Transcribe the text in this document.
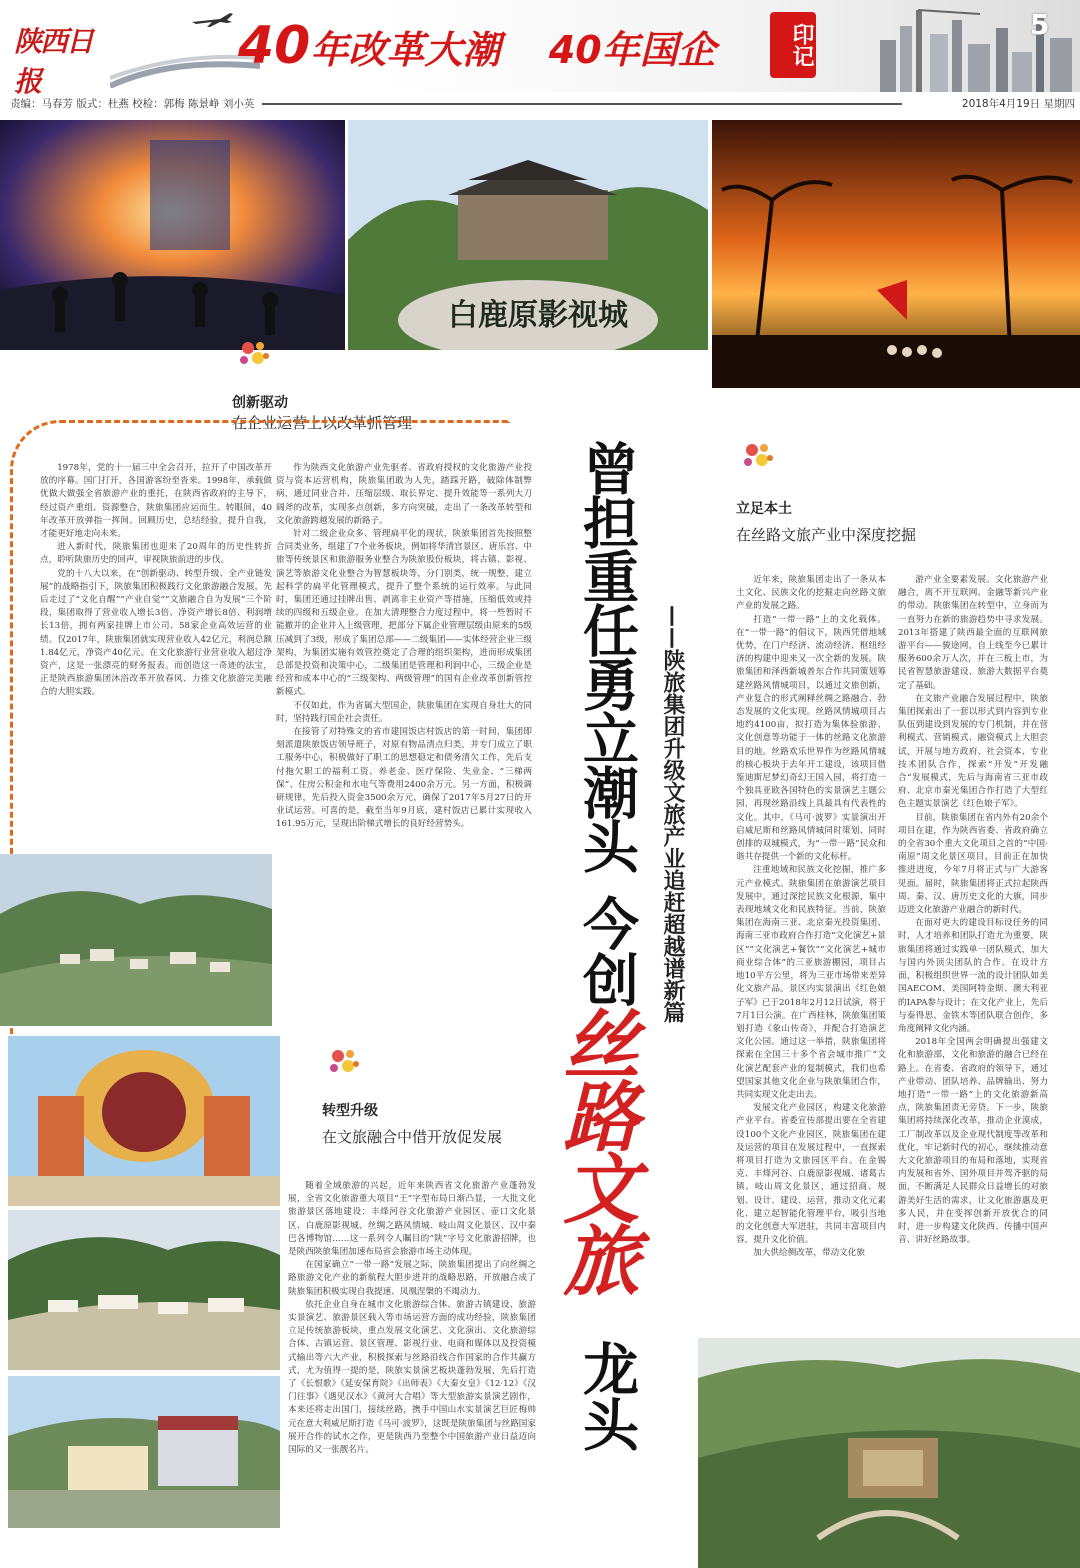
陕西日报
40年改革大潮 40年国企	印记	5
责编：马春芳 版式：杜燕 校检：郭梅 陈景峥 刘小英	2018年4月19日 星期四
白鹿原影视城
创新驱动
在企业运营上以改革抓管理

1978年，党的十一届三中全会召开，拉开了中国改革开放的序幕。国门打开，各国游客纷至沓来。1998年，承载做优做大做强全省旅游产业的重托，在陕西省政府的主导下，经过资产重组、资源整合，陕旅集团应运而生。转眼间，40年改革开放弹指一挥间。回顾历史，总结经验，提升自我，才能更好地走向未来。

进入新时代，陕旅集团也迎来了20周年的历史性转折点，聆听陕旅历史的回声，审视陕旅前进的步伐。

党的十八大以来，在“创新驱动、转型升级、全产业链发展”的战略指引下，陕旅集团积极践行文化旅游融合发展，先后走过了“文化自醒”“产业自觉”“文旅融合自为发展”三个阶段，集团取得了营业收入增长3倍、净资产增长8倍、利润增长13倍，拥有两家挂牌上市公司、58家企业高效运营的业绩。仅2017年，陕旅集团就实现营业收入42亿元，利润总额1.84亿元，净资产40亿元。在文化旅游行业营业收入超过净资产，这是一张漂亮的财务报表。而创造这一奇迹的法宝，正是陕西旅游集团沐浴改革开放春风、力推文化旅游完美融合的大胆实践。

作为陕西文化旅游产业先驱者、省政府授权的文化旅游产业投资与资本运营机构，陕旅集团敢为人先，踏踩开路，破除体制弊病，通过同业合并、压缩层级、取长界定、提升效能等一系列大刀阔斧的改革，实现多点创新，多方向突破，走出了一条改革转型和文化旅游跨越发展的新路子。

针对二级企业众多、管理扁平化的现状，陕旅集团首先按照整合同类业务，组建了7个业务板块，例如将华清宫景区、唐乐宫、中旅等传统景区和旅游服务业整合为陕旅股份板块，将古镇、影视、演艺等旅游文化业整合为智慧板块等，分门别类，统一规整，建立起科学的扁平化管理模式，提升了整个系统的运行效率。与此同时，集团还通过挂牌出售、剥离非主业资产等措施，压缩低效或持续的四级和五级企业，在加大清理整合力度过程中，将一些暂时不能撤并的企业并入上级管理，把部分下属企业管理层级由原来的5级压减到了3级，形成了集团总部——二级集团——实体经营企业三级架构，为集团实施有效管控奠定了合理的组织架构，进而形成集团总部是投资和决策中心，二级集团是管理和利润中心，三级企业是经营和成本中心的“三级架构、两级管理”的国有企业改革创新管控新模式。

不仅如此，作为省属大型国企，陕旅集团在实现自身壮大的同时，坚持践行国企社会责任。

在接管了对特殊文的省市建国饭店村饭店的第一时间，集团即刻派遣陕旅饭店领导班子，对原有物品清点归类，并专门成立了职工服务中心，积极做好了职工的思想稳定和债务清欠工作，先后支付拖欠职工的福利工资、养老金、医疗保险、失业金、“三梯两保”、住房公积金和水电气等费用2400余万元。另一方面，积极调研规律，先后投入资金3500余万元，确保了2017年5月27日的开业试运营。可喜的是，截至当年9月底，建村饭店已累计实现收入161.95万元，呈现出阶梯式增长的良好经营势头。

转型升级
在文旅融合中借开放促发展

随着全域旅游的兴起，近年来陕西省文化旅游产业蓬勃发展，全省文化旅游重大项目“王”字型布局日渐凸显，一大批文化旅游景区落地建设：丰烽河谷文化旅游产业园区、壶口文化景区、白鹿原影视城、丝绸之路风情城、岐山周文化景区、汉中秦巴各博物馆……这一系列令人瞩目的“陕”字号文化旅游招牌，也是陕西陕旅集团加速布局省会旅游市场主动体现。

在国家确立“一带一路”发展之际，陕旅集团提出了向丝绸之路旅游文化产业的新航程大胆步进并的战略思路，开放融合成了陕旅集团积极实现自我提速、凤凰涅槃的不竭动力。

依托企业自身在城市文化旅游综合体、旅游古镇建设、旅游实景演艺、旅游景区载入等市场运营方面的成功经验，陕旅集团立足传统旅游板块，重点发展文化演艺、文化演出、文化旅游综合体、古镇运营、景区管理、影视行业、电商和媒体以及投资模式输出等六大产业，积极探索与丝路沿线合作国家的合作共赢方式，尤为值得一提的是，陕旅实景演艺板块蓬勃发展，先后打造了《长恨歌》《延安保育院》《出师表》《大秦女皇》《12·12》《汉门往事》《遇见汉水》《黄河大合唱》等大型旅游实景演艺剧作，本来还将走出国门，接续丝路，携手中国山水实景演艺巨匠梅帅元在意大利威尼斯打造《马可·波罗》，这既是陕旅集团与丝路国家展开合作的试水之作，更是陕西乃至整个中国旅游产业日益迈向国际的又一张靓名片。

曾担重任勇立潮头
今创
丝路文旅
龙头
——陕旅集团升级文旅产业追赶超越谱新篇
立足本土
在丝路文旅产业中深度挖掘

近年来，陕旅集团走出了一条从本土文化、民族文化的挖掘走向丝路文旅产业的发展之路。

打造“一带一路”上的文化载体。在“一带一路”的倡议下，陕西凭借地域优势，在门户经济、流动经济、枢纽经济的构建中迎来又一次全新的发展。陕旅集团和泽西新城普东合作共同策划筹建丝路风情城项目，以通过文旅创新，产业复合的形式阐释丝绸之路融合、勃态发展的文化实现。丝路风情城项目占地约4100亩，拟打造为集体验旅游、文化创意等功能于一体的丝路文化旅游目的地。丝路欢乐世界作为丝路风情城的核心板块于去年开工建设，该项目借鉴迪斯尼梦幻奇幻王国入园，将打造一个独具亚欧各国特色的实景演艺主题公园，再现丝路沿线上具最具有代表性的文化。其中，《马可·波罗》实景演出开启威尼斯和丝路风情城同时策划、同时创排的双城模式，为“一带一路”民众和谐共存提供一个新的文化标杆。

注重地域和民族文化挖掘，推广多元产业模式。陕旅集团在旅游演艺项目发展中，通过深挖民族文化根源，集中表现地域文化和民族特征。当前，陕旅集团在海南三亚、北京秦光投资集团、海南三亚市政府合作打造“文化演艺+景区”“文化演艺+餐饮”“文化演艺+城市商业综合体”的三亚旅游棚园，项目占地10平方公里，将为三亚市场带来差异化文旅产品。景区内实景演出《红色娘子军》已于2018年2月12日试演，将于7月1日公演。在广西桂林，陕旅集团策划打造《象山传奇》，并配合打造演艺文化公园。通过这一举措，陕旅集团将探索在全国三十多个省会城市推广“文化演艺配套产业的复制模式，我们也希望国家其他文化企业与陕旅集团合作，共同实现文化走出去。

发展文化产业园区，构建文化旅游产业平台。省委宣传部提出要在全省建设100个文化产业园区，陕旅集团在建及运营的项目在发展过程中，一直探索将项目打造为文旅园区平台。在金锡克、丰烽河谷、白鹿原影视城、诸葛古镇、岐山周文化景区，通过招商、规划、设计、建设、运营，推动文化元素化、建立起智能化管理平台，吸引当地的文化创意大军进驻，共同丰富项目内容，提升文化价值。

加大供给侧改革，带动文化旅

游产业全要素发展。文化旅游产业融合，离不开互联网、金融等新兴产业的带动。陕旅集团在转型中，立身而为一直努力在新的旅游趋势中寻求发展。2013年搭建了陕西最全面的互联网旅游平台——骏途网，自上线至今已累计服务600余万人次，并在三板上市，为民省智慧旅游建设、旅游大数据平台奠定了基础。

在文旅产业融合发展过程中，陕旅集团探索出了一套以形式到内容到专业队伍到建设到发展的专门机制，并在营利模式、营销模式、融资模式上大胆尝试，开展与地方政府、社会资本、专业技术团队合作，探索“开发”开发融合“发展模式，先后与海南省三亚市政府、北京市秦光集团合作打造了大型红色主题实景演艺《红色娘子军》。

目前，陕旅集团在省内外有20余个项目在建，作为陕西省委、省政府确立的全省30个重大文化项目之首的“中国·南原”周文化景区项目，目前正在加快推进进度，今年7月将正式与广大游客见面。届时，陕旅集团将正式拉起陕西周、秦、汉、唐历史文化的大旗，同步迈进文化旅游产业融合的新时代。

在面对更大的建设目标设任务的同时，人才培养和团队打造尤为重要，陕旅集团将通过实践单一团队模式，加大与国内外顶尖团队的合作。在设计方面，积极组织世界一流的设计团队如美国AECOM、美国阿特金斯、澳大利亚的IAPA参与设计；在文化产业上，先后与泰得思、金铁木等团队联合创作，多角度阐释文化内涵。

2018年全国两会明确提出强建文化和旅游部，文化和旅游的融合已经在路上。在省委、省政府的领导下，通过产业带动、团队培养、品牌输出、努力地打造“一带一路”上的文化旅游新高点，陕旅集团责无旁贷。下一步，陕旅集团将持续深化改革，推动企业漠成，工厂制改革以及企业现代制度等改革和优化，牢记新时代的初心，继续推动意大文化旅游项目的布局和落地，实现省内发展和省外、国外项目并驾齐驱的局面，不断满足人民群众日益增长的对旅游美好生活的需求，让文化旅游惠及更多人民，并在变挥创新开放优合的同时，进一步构建文化陕西、传播中国声音、讲好丝路故事。
